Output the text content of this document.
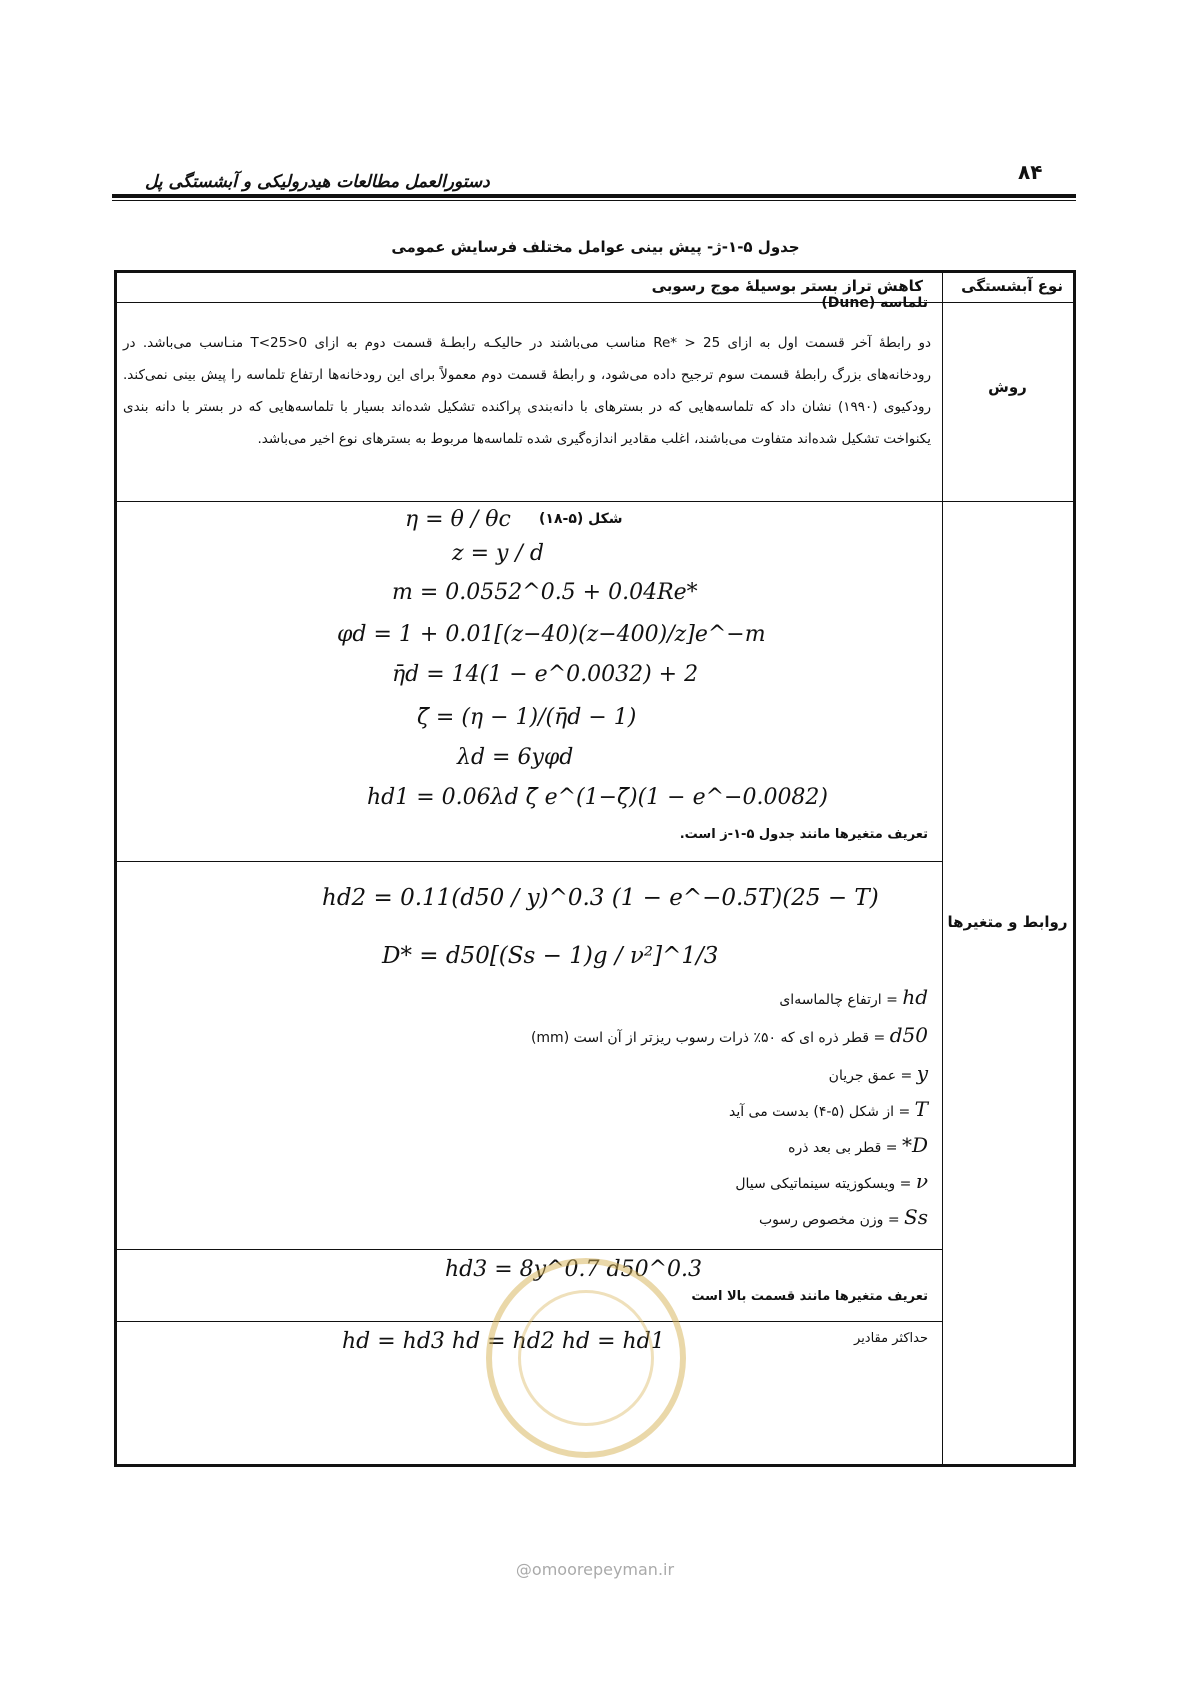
دستورالعمل مطالعات هیدرولیکی و آبشستگی پل	۸۴
جدول ۵-۱-ژ- پیش بینی عوامل مختلف فرسایش عمومی
نوع آبشستگی
کاهش تراز بستر بوسیلهٔ موج رسوبی
روش
تلماسه (Dune)
دو رابطهٔ آخر قسمت اول به ازای Re* > 25 مناسب می‌باشند در حالیکـه رابطـهٔ قسمت دوم به ازای 0<T<25 منـاسب می‌باشد. در رودخانه‌های بزرگ رابطهٔ قسمت سوم ترجیح داده می‌شود، و رابطهٔ قسمت دوم معمولاً برای این رودخانه‌ها ارتفاع تلماسه را پیش بینی نمی‌کند. رودکیوی (۱۹۹۰) نشان داد که تلماسه‌هایی که در بسترهای با دانه‌بندی پراکنده تشکیل شده‌اند بسیار با تلماسه‌هایی که در بستر با دانه بندی یکنواخت تشکیل شده‌اند متفاوت می‌باشند، اغلب مقادیر اندازه‌گیری شده تلماسه‌ها مربوط به بسترهای نوع اخیر می‌باشد.
روابط و متغیرها
شکل (۵-۱۸)
η = θ / θc
z = y / d
m = 0.0552^0.5 + 0.04Re*
φd = 1 + 0.01[(z−40)(z−400)/z]e^−m
η̄d = 14(1 − e^0.0032) + 2
ζ̄ = (η − 1)/(η̄d − 1)
λd = 6yφd
hd1 = 0.06λd ζ̄ e^(1−ζ̄)(1 − e^−0.0082)
تعریف متغیرها مانند جدول ۵-۱-ز است.
hd2 = 0.11(d50 / y)^0.3 (1 − e^−0.5T)(25 − T)
D* = d50[(Ss − 1)g / ν²]^1/3
hd = ارتفاع چالماسه‌ای
d50 = قطر ذره ای که ۵۰٪ ذرات رسوب ریزتر از آن است (mm)
y = عمق جریان
T = از شکل (۵-۴) بدست می آید
D* = قطر بی بعد ذره
ν = ویسکوزیته سینماتیکی سیال
Ss = وزن مخصوص رسوب
hd3 = 8y^0.7 d50^0.3
تعریف متغیرها مانند قسمت بالا است
hd = hd3 hd = hd2 hd = hd1	حداکثر مقادیر
@omoorepeyman.ir
